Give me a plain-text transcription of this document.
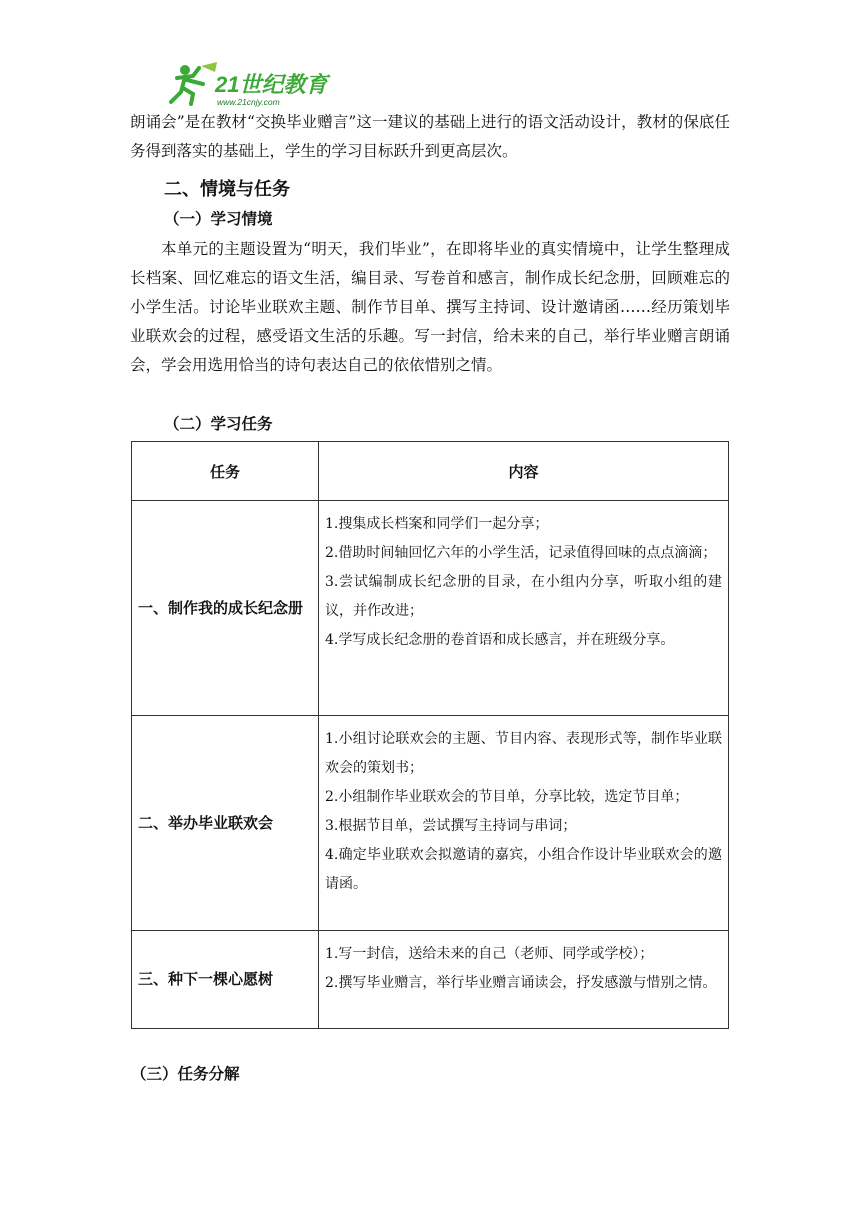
21世纪教育
www.21cnjy.com

朗诵会”是在教材“交换毕业赠言”这一建议的基础上进行的语文活动设计，教材的保底任务得到落实的基础上，学生的学习目标跃升到更高层次。

二、情境与任务
（一）学习情境

本单元的主题设置为“明天，我们毕业”，在即将毕业的真实情境中，让学生整理成长档案、回忆难忘的语文生活，编目录、写卷首和感言，制作成长纪念册，回顾难忘的小学生活。讨论毕业联欢主题、制作节目单、撰写主持词、设计邀请函……经历策划毕业联欢会的过程，感受语文生活的乐趣。写一封信，给未来的自己，举行毕业赠言朗诵会，学会用选用恰当的诗句表达自己的依依惜别之情。

（二）学习任务
任务	内容
一、制作我的成长纪念册	1.搜集成长档案和同学们一起分享；
2.借助时间轴回忆六年的小学生活，记录值得回味的点点滴滴；
3.尝试编制成长纪念册的目录，在小组内分享，听取小组的建议，并作改进；
4.学写成长纪念册的卷首语和成长感言，并在班级分享。

二、举办毕业联欢会	1.小组讨论联欢会的主题、节目内容、表现形式等，制作毕业联欢会的策划书；
2.小组制作毕业联欢会的节目单，分享比较，选定节目单；
3.根据节目单，尝试撰写主持词与串词；
4.确定毕业联欢会拟邀请的嘉宾，小组合作设计毕业联欢会的邀请函。

三、种下一棵心愿树	1.写一封信，送给未来的自己（老师、同学或学校）；
2.撰写毕业赠言，举行毕业赠言诵读会，抒发感激与惜别之情。
（三）任务分解
